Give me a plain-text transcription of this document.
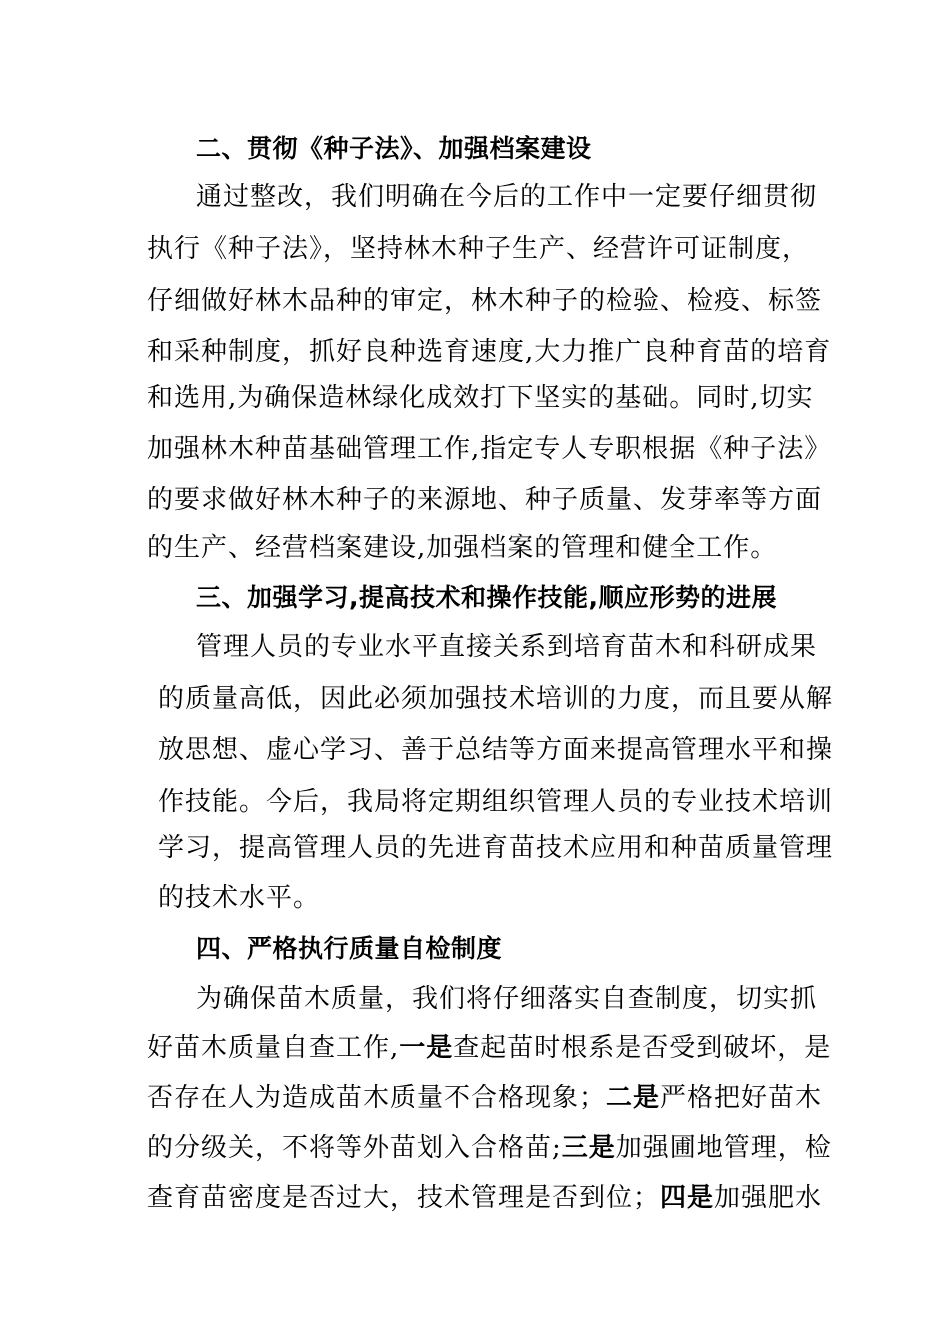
二、贯彻《种子法》、加强档案建设
通过整改，我们明确在今后的工作中一定要仔细贯彻
执行《种子法》，坚持林木种子生产、经营许可证制度，
仔细做好林木品种的审定，林木种子的检验、检疫、标签
和采种制度，抓好良种选育速度,大力推广良种育苗的培育
和选用,为确保造林绿化成效打下坚实的基础。同时,切实
加强林木种苗基础管理工作,指定专人专职根据《种子法》
的要求做好林木种子的来源地、种子质量、发芽率等方面
的生产、经营档案建设,加强档案的管理和健全工作。
三、加强学习,提高技术和操作技能,顺应形势的进展
管理人员的专业水平直接关系到培育苗木和科研成果
的质量高低，因此必须加强技术培训的力度，而且要从解
放思想、虚心学习、善于总结等方面来提高管理水平和操
作技能。今后，我局将定期组织管理人员的专业技术培训
学习，提高管理人员的先进育苗技术应用和种苗质量管理
的技术水平。
四、严格执行质量自检制度
为确保苗木质量，我们将仔细落实自查制度，切实抓
好苗木质量自查工作,一是查起苗时根系是否受到破坏，是
否存在人为造成苗木质量不合格现象；二是严格把好苗木
的分级关，不将等外苗划入合格苗;三是加强圃地管理，检
查育苗密度是否过大，技术管理是否到位；四是加强肥水
